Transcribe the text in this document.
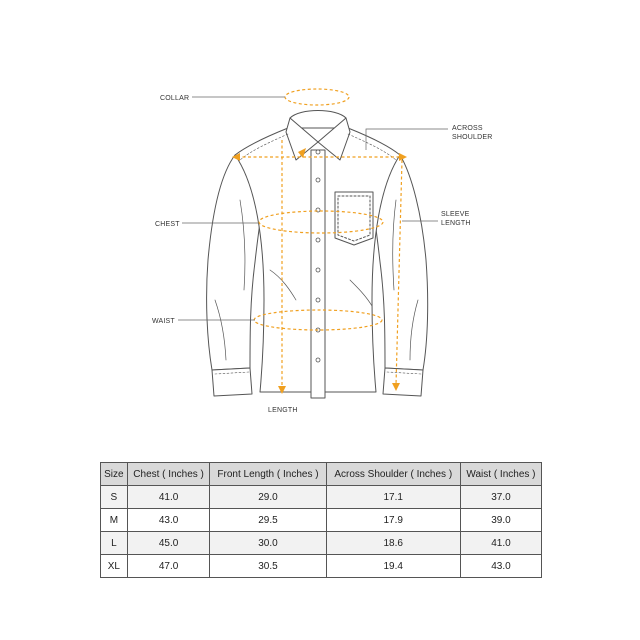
COLLAR
ACROSS
SHOULDER
CHEST
SLEEVE
LENGTH
WAIST
LENGTH
Size	Chest ( Inches )	Front Length ( Inches )	Across Shoulder ( Inches )	Waist ( Inches )
S	41.0	29.0	17.1	37.0
M	43.0	29.5	17.9	39.0
L	45.0	30.0	18.6	41.0
XL	47.0	30.5	19.4	43.0
